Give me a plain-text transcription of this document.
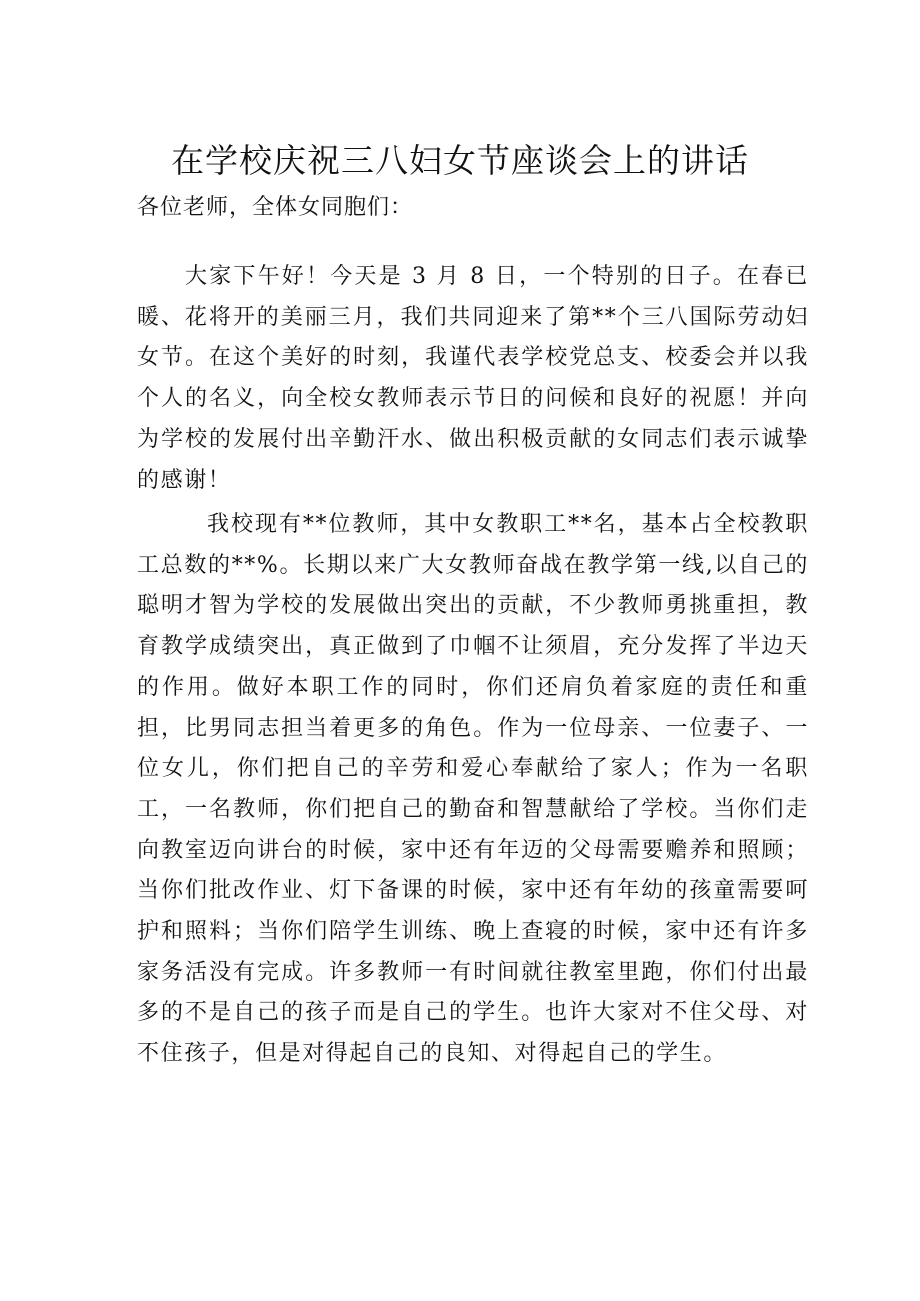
在学校庆祝三八妇女节座谈会上的讲话

各位老师，全体女同胞们：

大家下午好！今天是 3 月 8 日，一个特别的日子。在春已暖、花将开的美丽三月，我们共同迎来了第**个三八国际劳动妇女节。在这个美好的时刻，我谨代表学校党总支、校委会并以我个人的名义，向全校女教师表示节日的问候和良好的祝愿！并向为学校的发展付出辛勤汗水、做出积极贡献的女同志们表示诚挚的感谢！

我校现有**位教师，其中女教职工**名，基本占全校教职工总数的**%。长期以来广大女教师奋战在教学第一线,以自己的聪明才智为学校的发展做出突出的贡献，不少教师勇挑重担，教育教学成绩突出，真正做到了巾帼不让须眉，充分发挥了半边天的作用。做好本职工作的同时，你们还肩负着家庭的责任和重担，比男同志担当着更多的角色。作为一位母亲、一位妻子、一位女儿，你们把自己的辛劳和爱心奉献给了家人；作为一名职工，一名教师，你们把自己的勤奋和智慧献给了学校。当你们走向教室迈向讲台的时候，家中还有年迈的父母需要赡养和照顾；当你们批改作业、灯下备课的时候，家中还有年幼的孩童需要呵护和照料；当你们陪学生训练、晚上查寝的时候，家中还有许多家务活没有完成。许多教师一有时间就往教室里跑，你们付出最多的不是自己的孩子而是自己的学生。也许大家对不住父母、对不住孩子，但是对得起自己的良知、对得起自己的学生。
